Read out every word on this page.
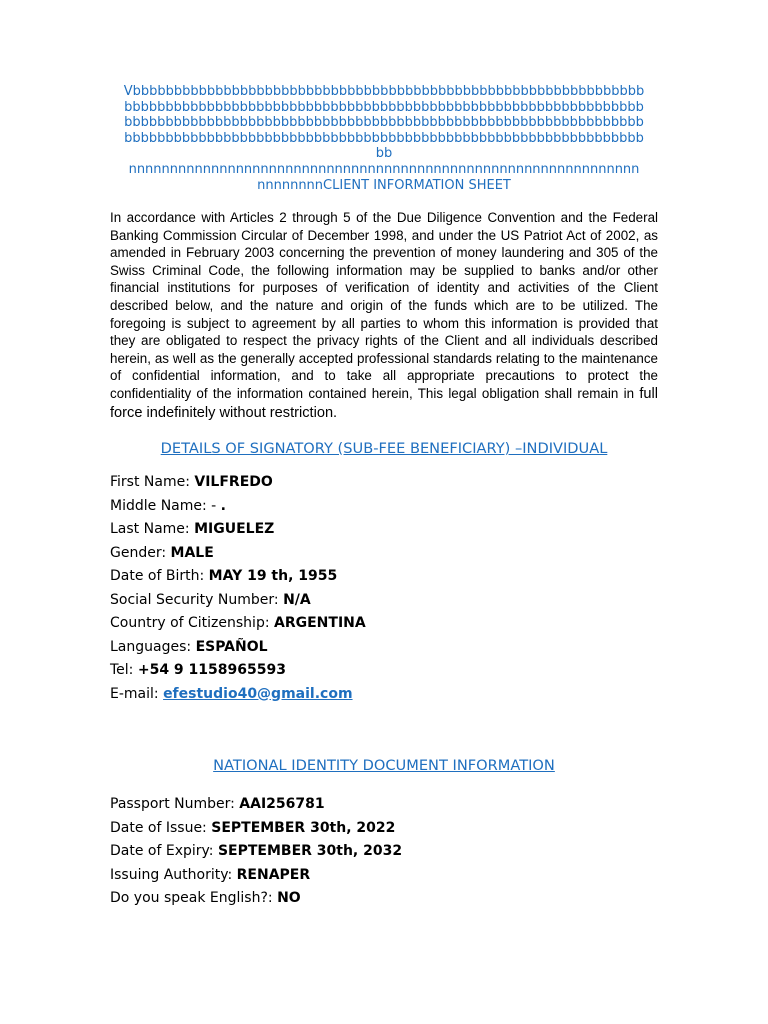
Vbbbbbbbbbbbbbbbbbbbbbbbbbbbbbbbbbbbbbbbbbbbbbbbbbbbbbbbbbbbbbb
bbbbbbbbbbbbbbbbbbbbbbbbbbbbbbbbbbbbbbbbbbbbbbbbbbbbbbbbbbbbbbb
bbbbbbbbbbbbbbbbbbbbbbbbbbbbbbbbbbbbbbbbbbbbbbbbbbbbbbbbbbbbbbb
bbbbbbbbbbbbbbbbbbbbbbbbbbbbbbbbbbbbbbbbbbbbbbbbbbbbbbbbbbbbbbb
bb
nnnnnnnnnnnnnnnnnnnnnnnnnnnnnnnnnnnnnnnnnnnnnnnnnnnnnnnnnnnnnn
nnnnnnnnCLIENT INFORMATION SHEET
In accordance with Articles 2 through 5 of the Due Diligence Convention and the Federal Banking Commission Circular of December 1998, and under the US Patriot Act of 2002, as amended in February 2003 concerning the prevention of money laundering and 305 of the Swiss Criminal Code, the following information may be supplied to banks and/or other financial institutions for purposes of verification of identity and activities of the Client described below, and the nature and origin of the funds which are to be utilized. The foregoing is subject to agreement by all parties to whom this information is provided that they are obligated to respect the privacy rights of the Client and all individuals described herein, as well as the generally accepted professional standards relating to the maintenance of confidential information, and to take all appropriate precautions to protect the confidentiality of the information contained herein, This legal obligation shall remain in full force indefinitely without restriction.
DETAILS OF SIGNATORY (SUB-FEE BENEFICIARY) –INDIVIDUAL
First Name: VILFREDO
Middle Name: - .
Last Name: MIGUELEZ
Gender: MALE
Date of Birth: MAY 19 th, 1955
Social Security Number: N/A
Country of Citizenship: ARGENTINA
Languages: ESPAÑOL
Tel: +54 9 1158965593
E-mail: efestudio40@gmail.com
NATIONAL IDENTITY DOCUMENT INFORMATION
Passport Number: AAI256781
Date of Issue: SEPTEMBER 30th, 2022
Date of Expiry: SEPTEMBER 30th, 2032
Issuing Authority: RENAPER
Do you speak English?: NO
